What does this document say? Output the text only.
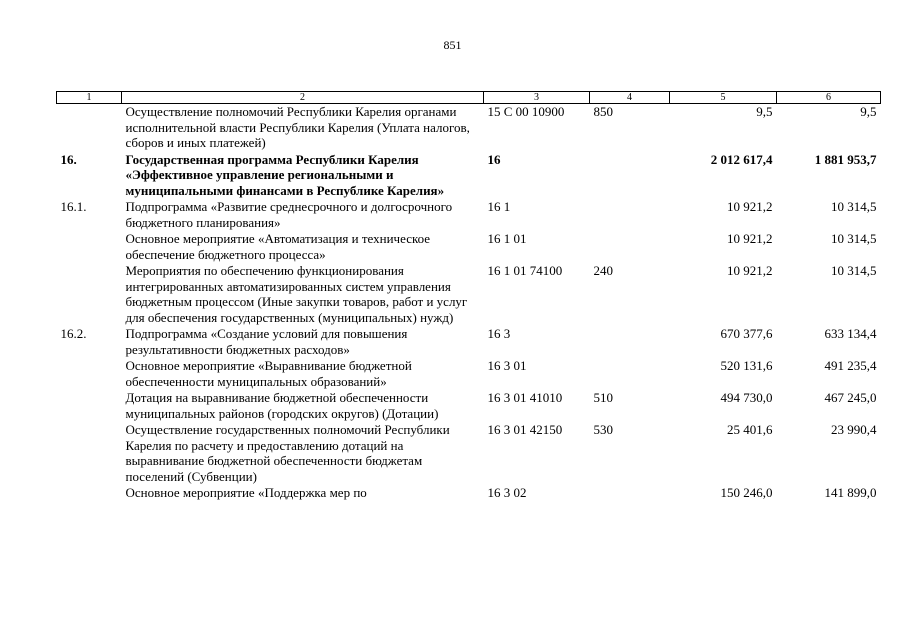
851
1	2	3	4	5	6
	Осуществление полномочий Республики Карелия органами исполнительной власти Республики Карелия (Уплата налогов, сборов и иных платежей)	15 С 00 10900	850	9,5	9,5
16.	Государственная программа Республики Карелия «Эффективное управление региональными и муниципальными финансами в Республике Карелия»	16		2 012 617,4	1 881 953,7
16.1.	Подпрограмма «Развитие среднесрочного и долгосрочного бюджетного планирования»	16 1		10 921,2	10 314,5
	Основное мероприятие «Автоматизация и техническое обеспечение бюджетного процесса»	16 1 01		10 921,2	10 314,5
	Мероприятия по обеспечению функционирования интегрированных автоматизированных систем управления бюджетным процессом (Иные закупки товаров, работ и услуг для обеспечения государственных (муниципальных) нужд)	16 1 01 74100	240	10 921,2	10 314,5
16.2.	Подпрограмма «Создание условий для повышения результативности бюджетных расходов»	16 3		670 377,6	633 134,4
	Основное мероприятие «Выравнивание бюджетной обеспеченности муниципальных образований»	16 3 01		520 131,6	491 235,4
	Дотация на выравнивание бюджетной обеспеченности муниципальных районов (городских округов) (Дотации)	16 3 01 41010	510	494 730,0	467 245,0
	Осуществление государственных полномочий Республики Карелия по расчету и предоставлению дотаций на выравнивание бюджетной обеспеченности бюджетам поселений (Субвенции)	16 3 01 42150	530	25 401,6	23 990,4
	Основное мероприятие «Поддержка мер по	16 3 02		150 246,0	141 899,0
